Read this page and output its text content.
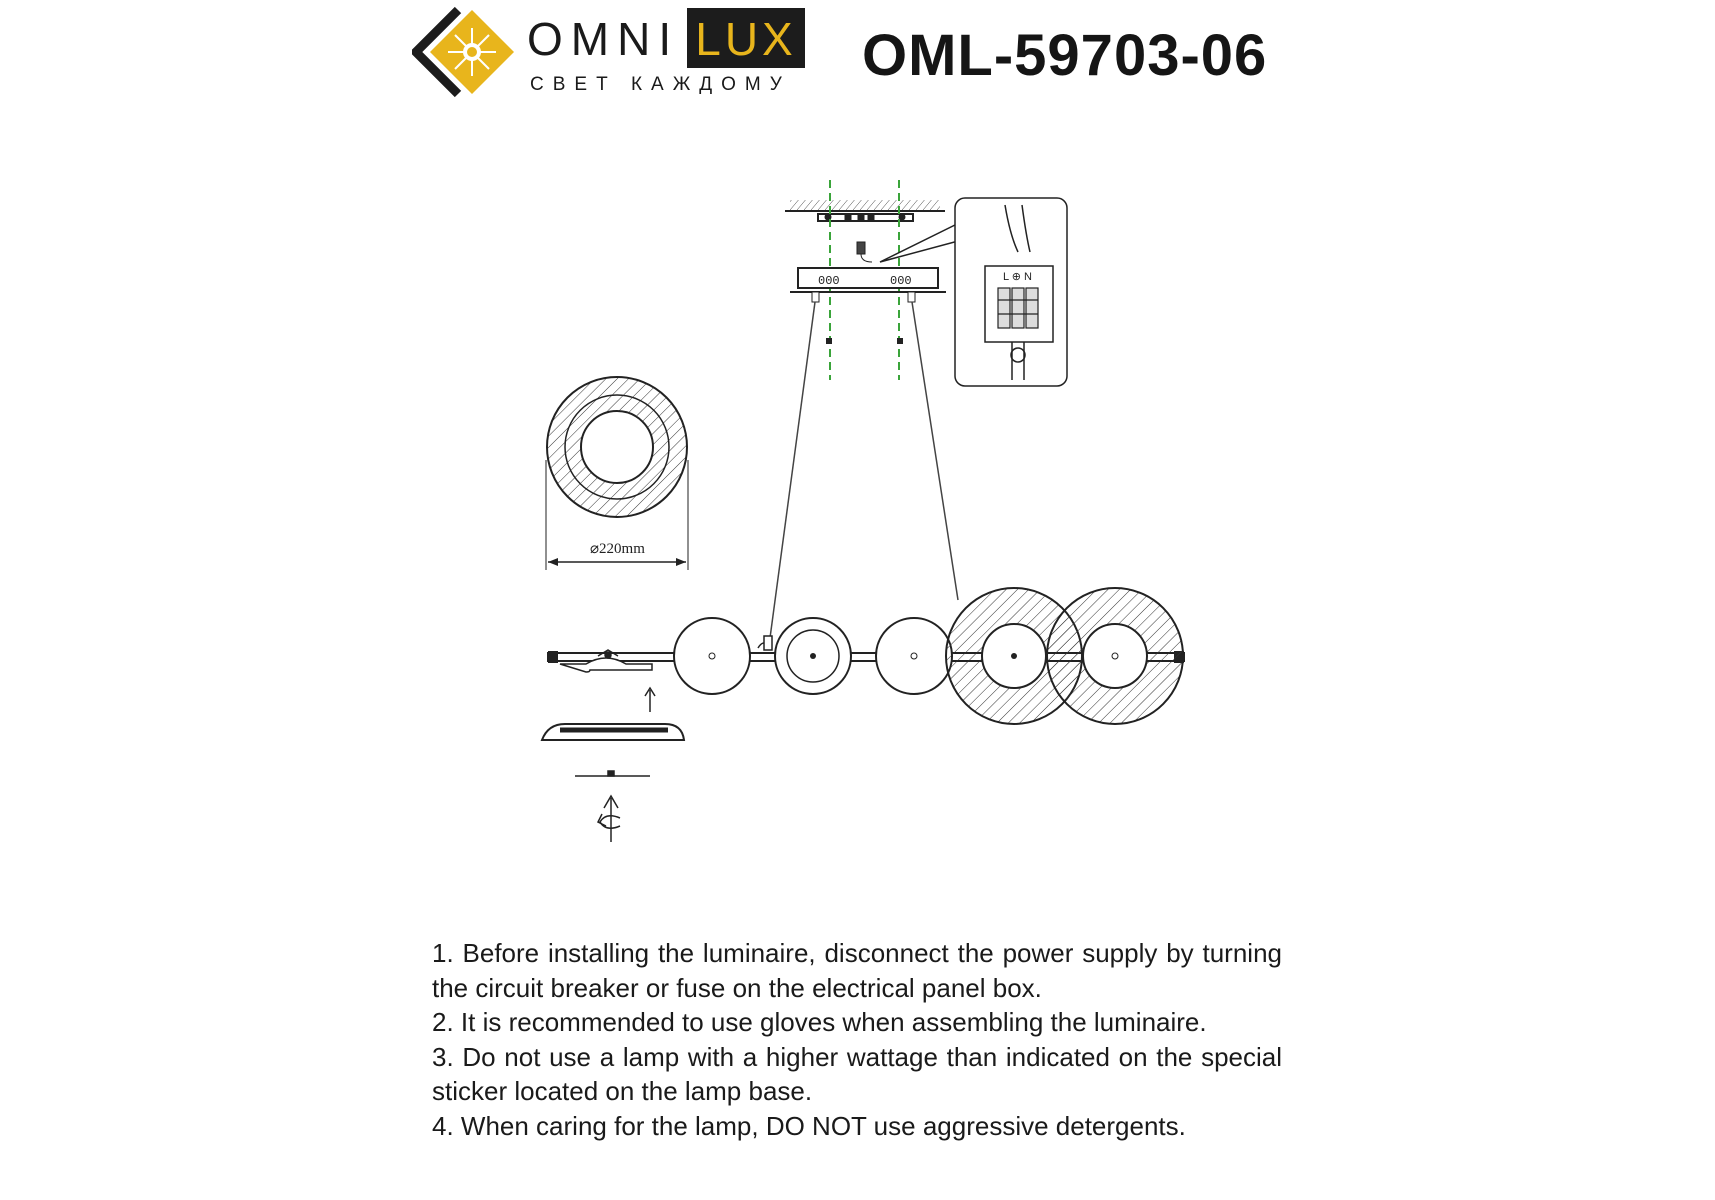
OMNI LUX
СВЕТ КАЖДОМУ OML-59703-06
000	000	L ⊕ N
⌀220mm
1. Before installing the luminaire, disconnect the power supply by turning the circuit breaker or fuse on the electrical panel box.
2. It is recommended to use gloves when assembling the luminaire.
3. Do not use a lamp with a higher wattage than indicated on the special sticker located on the lamp base.
4. When caring for the lamp, DO NOT use aggressive detergents.
